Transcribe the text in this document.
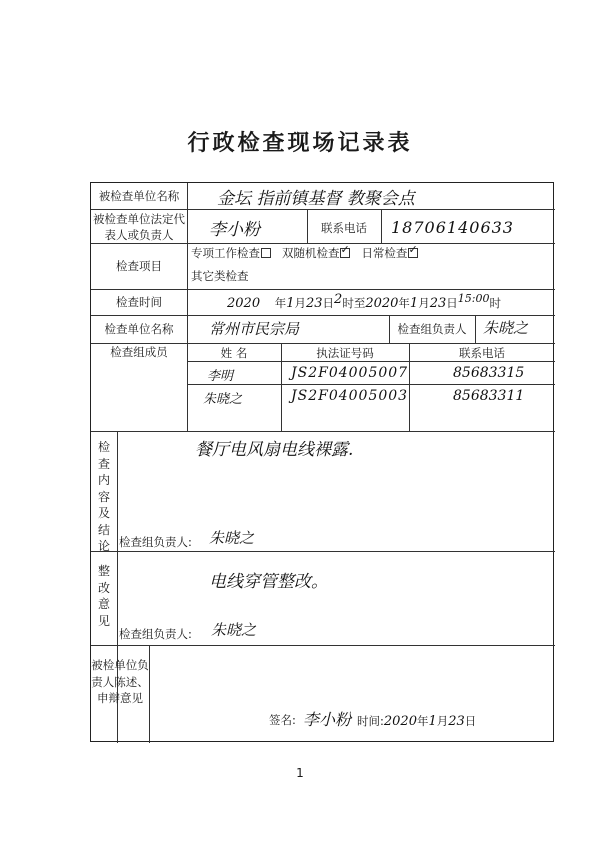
行政检查现场记录表
被检查单位名称	金坛 指前镇基督 教聚会点
被检查单位法定代表人或负责人	李小粉	联系电话	18706140633
检查项目
专项工作检查 双随机检查✓ 日常检查✓
其它类检查
检查时间	2020 年1月23日2时至2020年1月23日15:00时
检查单位名称	常州市民宗局	检查组负责人	朱晓之
检查组成员	姓 名	执法证号码	联系电话
李明	JS2F04005007	85683315
朱晓之	JS2F04005003	85683311
检查内容及结论
餐厅电风扇电线裸露.
检查组负责人: 朱晓之
整改意见
电线穿管整改。
检查组负责人: 朱晓之
被检单位负责人陈述、申辩意见
签名: 李小粉 时间:2020年1月23日
1
